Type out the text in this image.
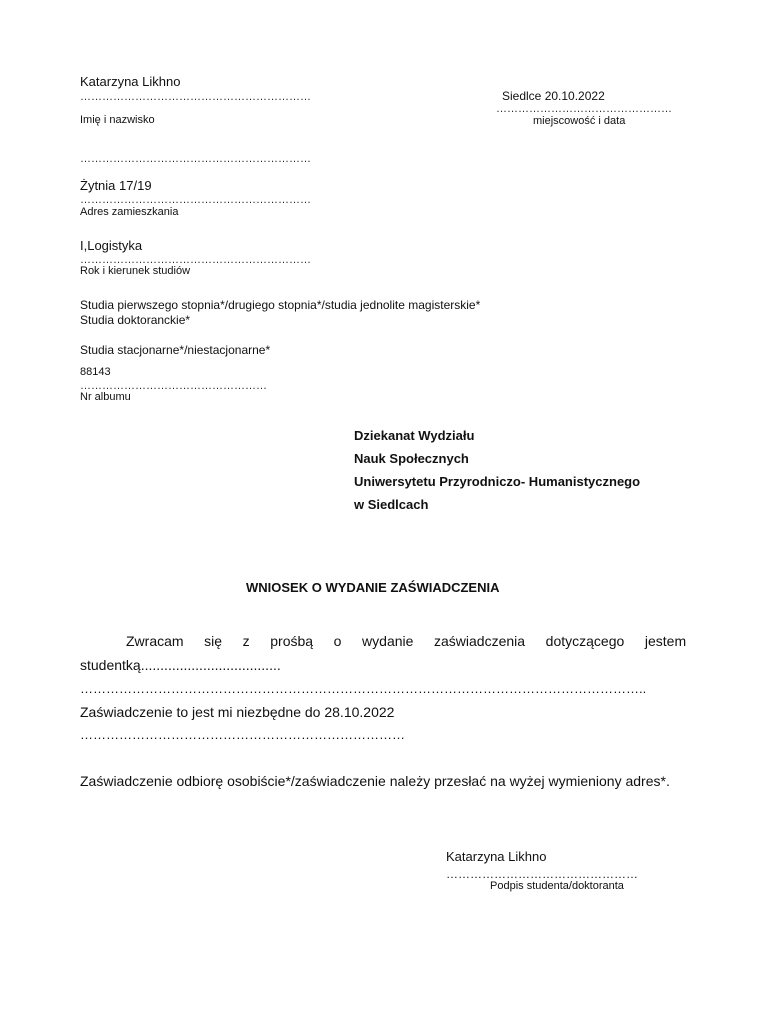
Katarzyna Likhno
………………………………………………………
Imię i nazwisko
………………………………………………………
Żytnia 17/19
………………………………………………………
Adres zamieszkania
I,Logistyka
………………………………………………………
Rok i kierunek studiów
Studia pierwszego stopnia*/drugiego stopnia*/studia jednolite magisterskie*
Studia doktoranckie*
Studia stacjonarne*/niestacjonarne*
88143
……………………………………………
Nr albumu
Siedlce 20.10.2022
…………………………………………
miejscowość i data
Dziekanat Wydziału
Nauk Społecznych
Uniwersytetu Przyrodniczo- Humanistycznego
w Siedlcach
WNIOSEK O WYDANIE ZAŚWIADCZENIA
Zwracam się z prośbą o wydanie zaświadczenia dotyczącego jestem
studentką....................................
…………………………………………………………………………………………………………………..
Zaświadczenie to jest mi niezbędne do 28.10.2022
…………………………………………………………………
Zaświadczenie odbiorę osobiście*/zaświadczenie należy przesłać na wyżej wymieniony adres*.
Katarzyna Likhno
…………………………………………
Podpis studenta/doktoranta
